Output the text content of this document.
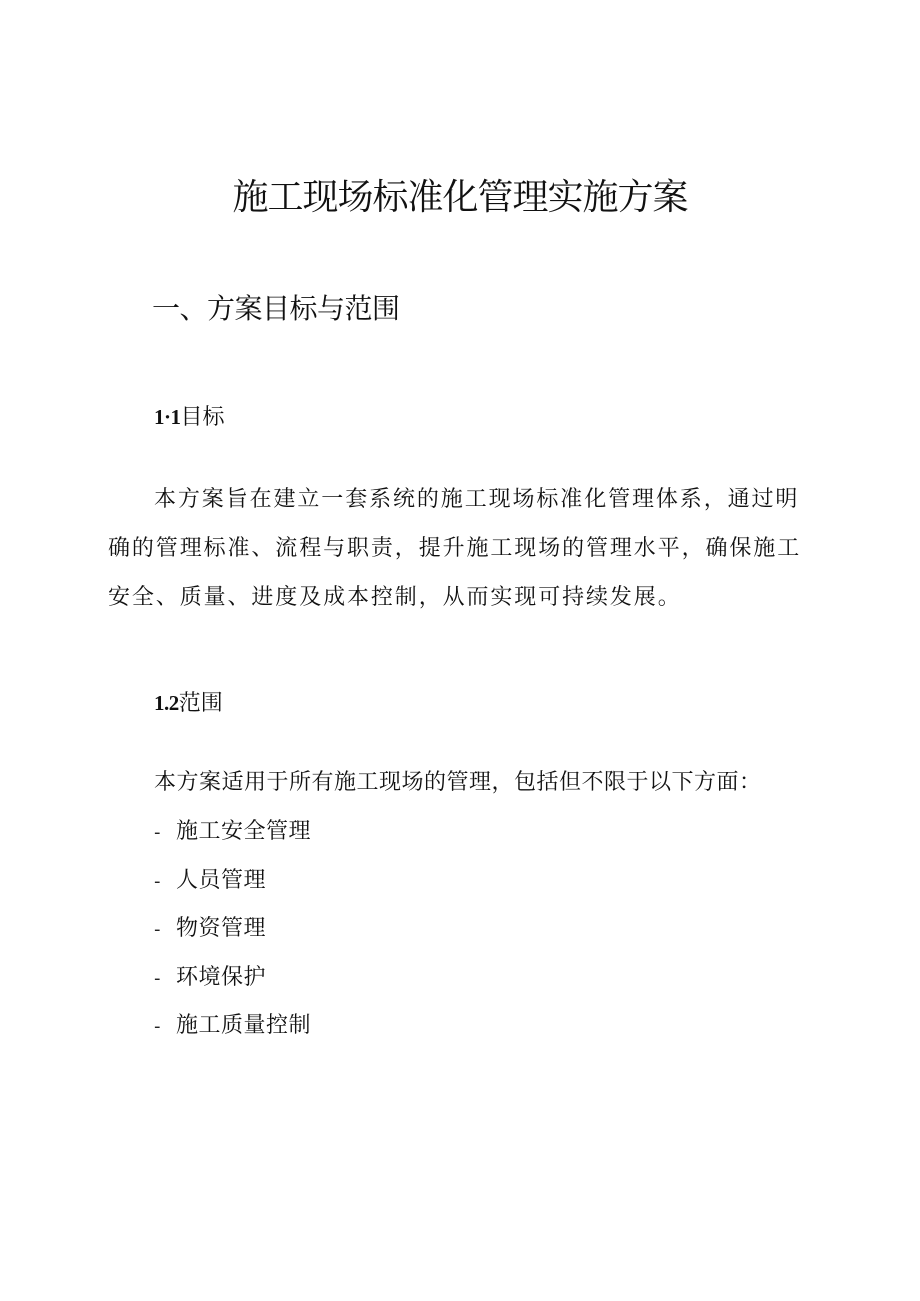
施工现场标准化管理实施方案
一、方案目标与范围
1·1目标

本方案旨在建立一套系统的施工现场标准化管理体系，通过明确的管理标准、流程与职责，提升施工现场的管理水平，确保施工安全、质量、进度及成本控制，从而实现可持续发展。

1.2范围

本方案适用于所有施工现场的管理，包括但不限于以下方面：

- 施工安全管理
- 人员管理
- 物资管理
- 环境保护
- 施工质量控制
